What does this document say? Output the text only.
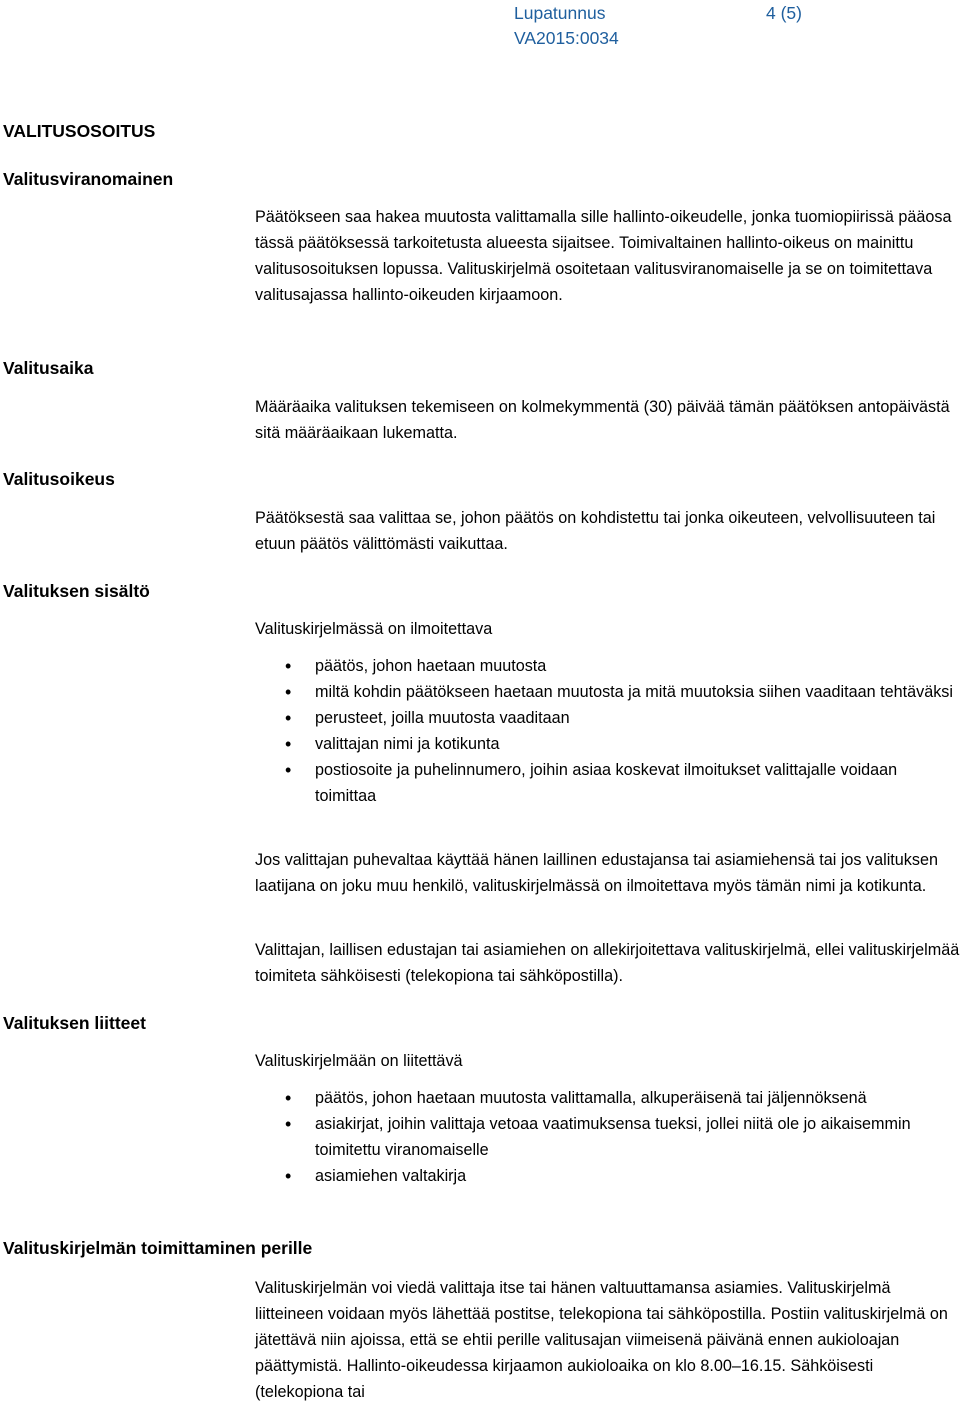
Lupatunnus	4 (5)
VA2015:0034
VALITUSOSOITUS
Valitusviranomainen
Päätökseen saa hakea muutosta valittamalla sille hallinto-oikeudelle, jonka tuomiopiirissä pääosa tässä päätöksessä tarkoitetusta alueesta sijaitsee. Toimivaltainen hallinto-oikeus on mainittu valitusosoituksen lopussa. Valituskirjelmä osoitetaan valitusviranomaiselle ja se on toimitettava valitusajassa hallinto-oikeuden kirjaamoon.
Valitusaika
Määräaika valituksen tekemiseen on kolmekymmentä (30) päivää tämän päätöksen antopäivästä sitä määräaikaan lukematta.
Valitusoikeus
Päätöksestä saa valittaa se, johon päätös on kohdistettu tai jonka oikeuteen, velvollisuuteen tai etuun päätös välittömästi vaikuttaa.
Valituksen sisältö
Valituskirjelmässä on ilmoitettava
• päätös, johon haetaan muutosta
• miltä kohdin päätökseen haetaan muutosta ja mitä muutoksia siihen vaaditaan tehtäväksi
• perusteet, joilla muutosta vaaditaan
• valittajan nimi ja kotikunta
• postiosoite ja puhelinnumero, joihin asiaa koskevat ilmoitukset valittajalle voidaan toimittaa
Jos valittajan puhevaltaa käyttää hänen laillinen edustajansa tai asiamiehensä tai jos valituksen laatijana on joku muu henkilö, valituskirjelmässä on ilmoitettava myös tämän nimi ja kotikunta.
Valittajan, laillisen edustajan tai asiamiehen on allekirjoitettava valituskirjelmä, ellei valituskirjelmää toimiteta sähköisesti (telekopiona tai sähköpostilla).
Valituksen liitteet
Valituskirjelmään on liitettävä
• päätös, johon haetaan muutosta valittamalla, alkuperäisenä tai jäljennöksenä
• asiakirjat, joihin valittaja vetoaa vaatimuksensa tueksi, jollei niitä ole jo aikaisemmin toimitettu viranomaiselle
• asiamiehen valtakirja
Valituskirjelmän toimittaminen perille
Valituskirjelmän voi viedä valittaja itse tai hänen valtuuttamansa asiamies. Valituskirjelmä liitteineen voidaan myös lähettää postitse, telekopiona tai sähköpostilla. Postiin valituskirjelmä on jätettävä niin ajoissa, että se ehtii perille valitusajan viimeisenä päivänä ennen aukioloajan päättymistä. Hallinto-oikeudessa kirjaamon aukioloaika on klo 8.00–16.15. Sähköisesti (telekopiona tai
